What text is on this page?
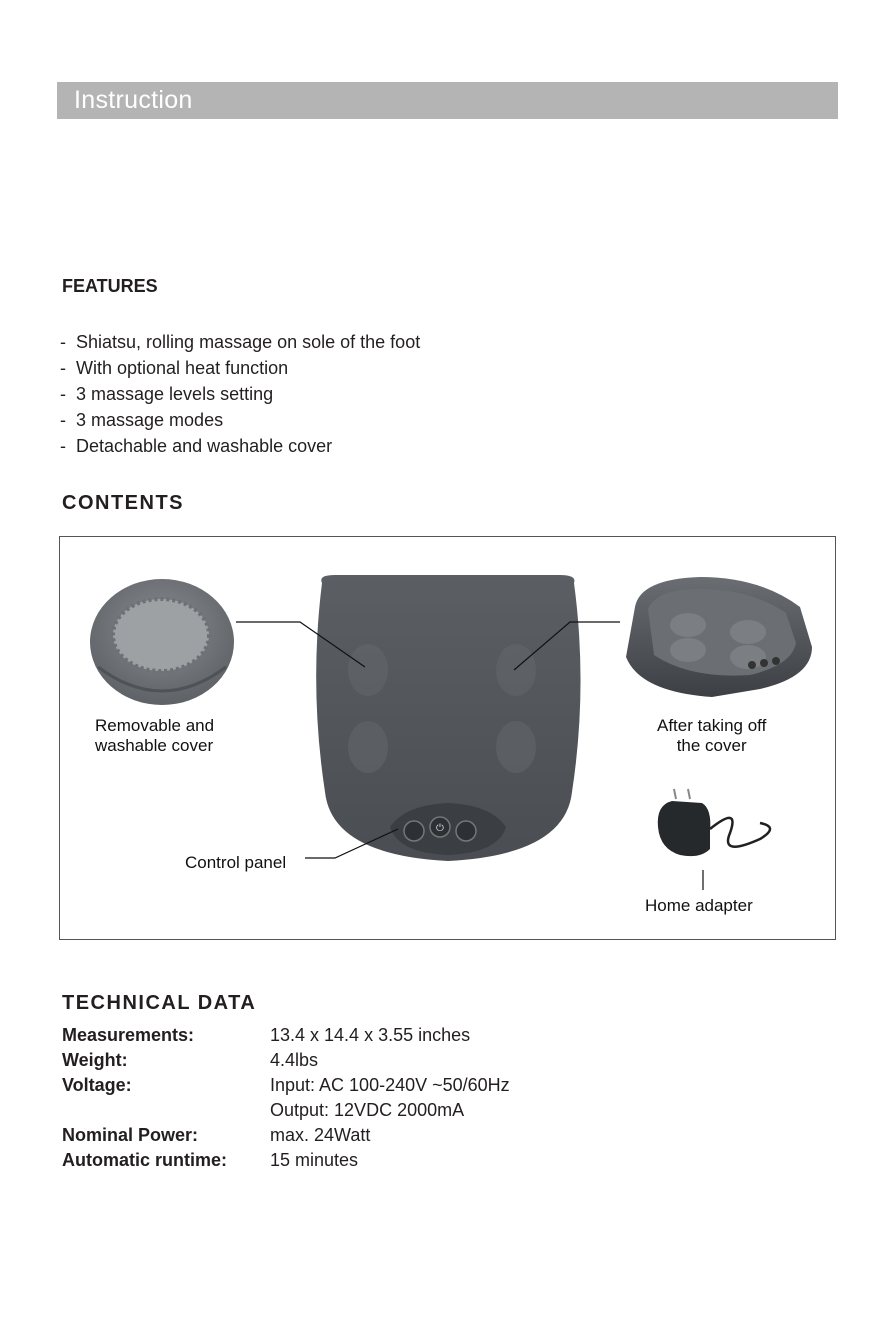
Instruction
FEATURES
- Shiatsu, rolling massage on sole of the foot
- With optional heat function
- 3 massage levels setting
- 3 massage modes
- Detachable and washable cover
CONTENTS
⏻
Removable and
washable cover
After taking off
the cover
Control panel
Home adapter
TECHNICAL DATA
Measurements:	13.4 x 14.4 x 3.55 inches
Weight:	4.4lbs
Voltage:	Input: AC 100-240V ~50/60Hz
Output: 12VDC 2000mA
Nominal Power:	max. 24Watt
Automatic runtime: 15 minutes
